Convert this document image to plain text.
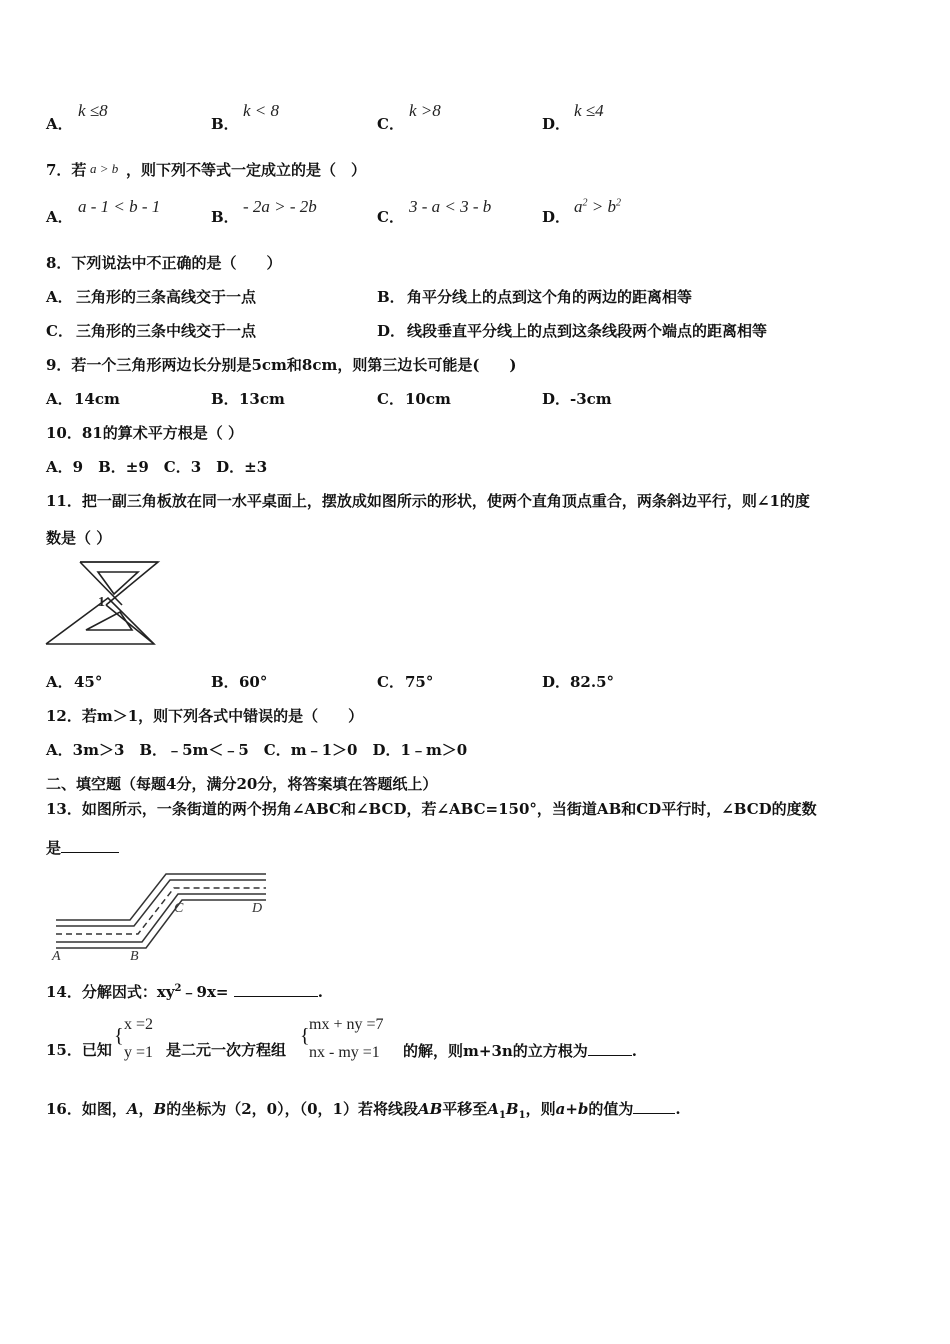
A．
k ≤8
B．
k < 8
C．
k >8
D．
k ≤4
7．若 a > b ，则下列不等式一定成立的是（　）
A．
a - 1 < b - 1
B．
- 2a > - 2b
C．
3 - a < 3 - b
D．
$a^2 > b^2$
8．下列说法中不正确的是（　　）
A． 三角形的三条高线交于一点	B． 角平分线上的点到这个角的两边的距离相等
C． 三角形的三条中线交于一点	D． 线段垂直平分线上的点到这条线段两个端点的距离相等
9．若一个三角形两边长分别是5cm和8cm，则第三边长可能是(　　)
A． 14cm	B． 13cm	C． 10cm	D． -3cm
10．81的算术平方根是（ ）
A．9　B．±9　C．3　D．±3
11．把一副三角板放在同一水平桌面上，摆放成如图所示的形状，使两个直角顶点重合，两条斜边平行，则∠1的度
数是（ ）
1
A． 45°	B． 60°	C． 75°	D． 82.5°
12．若m＞1，则下列各式中错误的是（　　）
A．3m＞3　B．﹣5m＜﹣5　C．m﹣1＞0　D．1﹣m＞0
二、填空题（每题4分，满分20分，将答案填在答题纸上）
13．如图所示，一条街道的两个拐角∠ABC和∠BCD，若∠ABC=150°，当街道AB和CD平行时，∠BCD的度数
是
A	B
C	D
14．分解因式：$xy^2﹣9x=$	.
15．已知
{
x =2
y =1 是二元一次方程组
{
mx + ny =7
nx - my =1 的解，则m+3n的立方根为	.
16．如图，A，B的坐标为（2，0），（0，1）若将线段AB平移至$A_1B_1$，则a+b的值为	.
